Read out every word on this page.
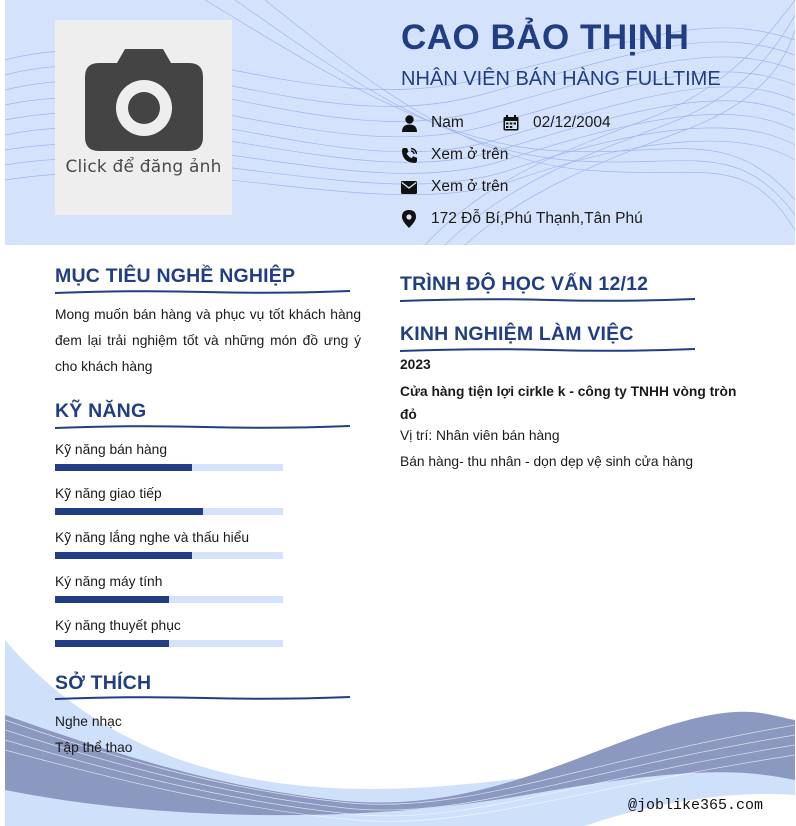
Click để đăng ảnh
CAO BẢO THỊNH
NHÂN VIÊN BÁN HÀNG FULLTIME
Nam	02/12/2004
Xem ở trên
Xem ở trên
172 Đỗ Bí,Phú Thạnh,Tân Phú
MỤC TIÊU NGHỀ NGHIỆP
Mong muốn bán hàng và phục vụ tốt khách hàng đem lại trải nghiệm tốt và những món đồ ưng ý cho khách hàng
KỸ NĂNG
Kỹ năng bán hàng
Kỹ năng giao tiếp
Kỹ năng lắng nghe và thấu hiểu
Ký năng máy tính
Ký năng thuyết phục
SỞ THÍCH
Nghe nhạc
Tập thể thao
TRÌNH ĐỘ HỌC VẤN 12/12
KINH NGHIỆM LÀM VIỆC
2023
Cửa hàng tiện lợi cirkle k - công ty TNHH vòng tròn đỏ
Vị trí: Nhân viên bán hàng
Bán hàng- thu nhân - dọn dẹp vệ sinh cửa hàng
@joblike365.com
